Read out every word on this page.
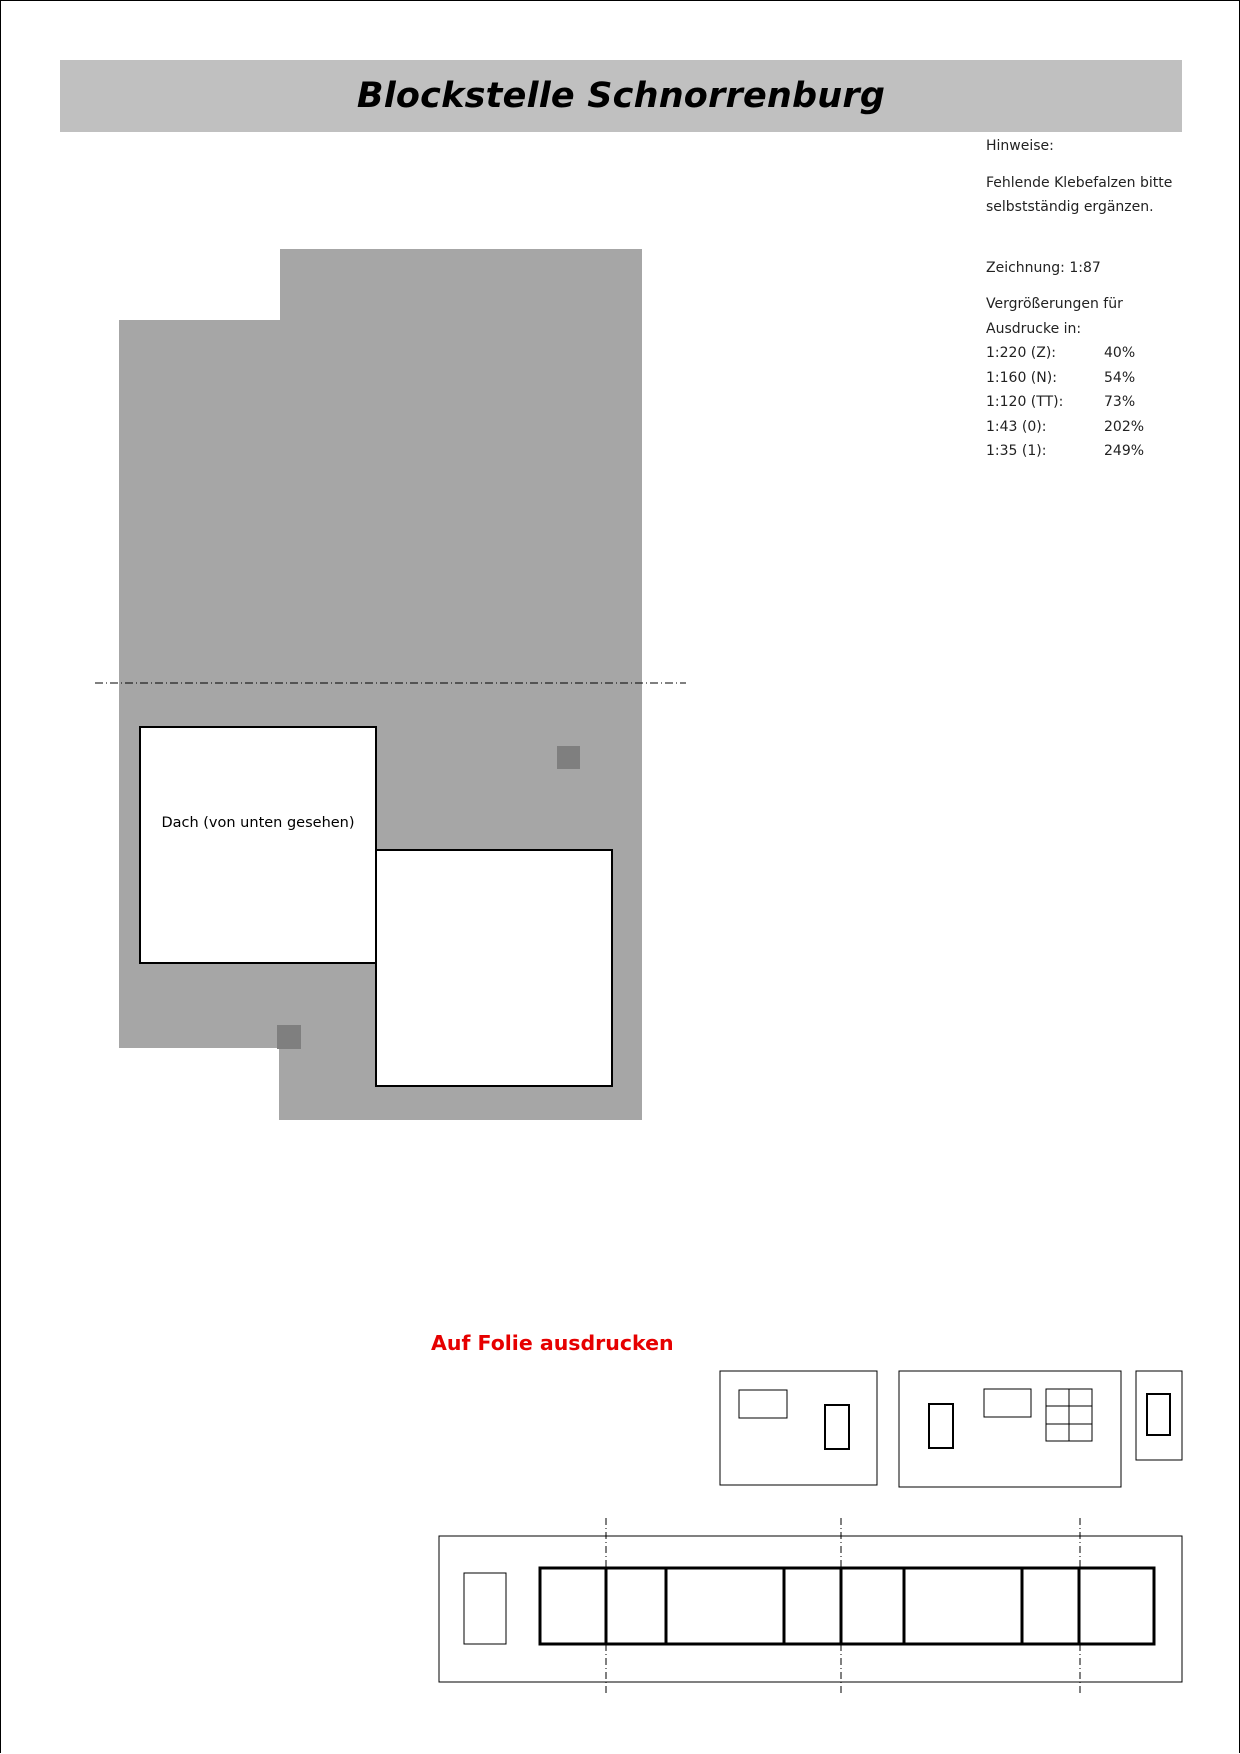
Blockstelle Schnorrenburg

Hinweise:

Fehlende Klebefalzen bitte

selbstständig ergänzen.

Zeichnung: 1:87

Vergrößerungen für

Ausdrucke in:

1:220 (Z):	40%
1:160 (N):	54%
1:120 (TT):	73%
1:43 (0):	202%
1:35 (1):	249%
Dach (von unten gesehen)
Auf Folie ausdrucken
